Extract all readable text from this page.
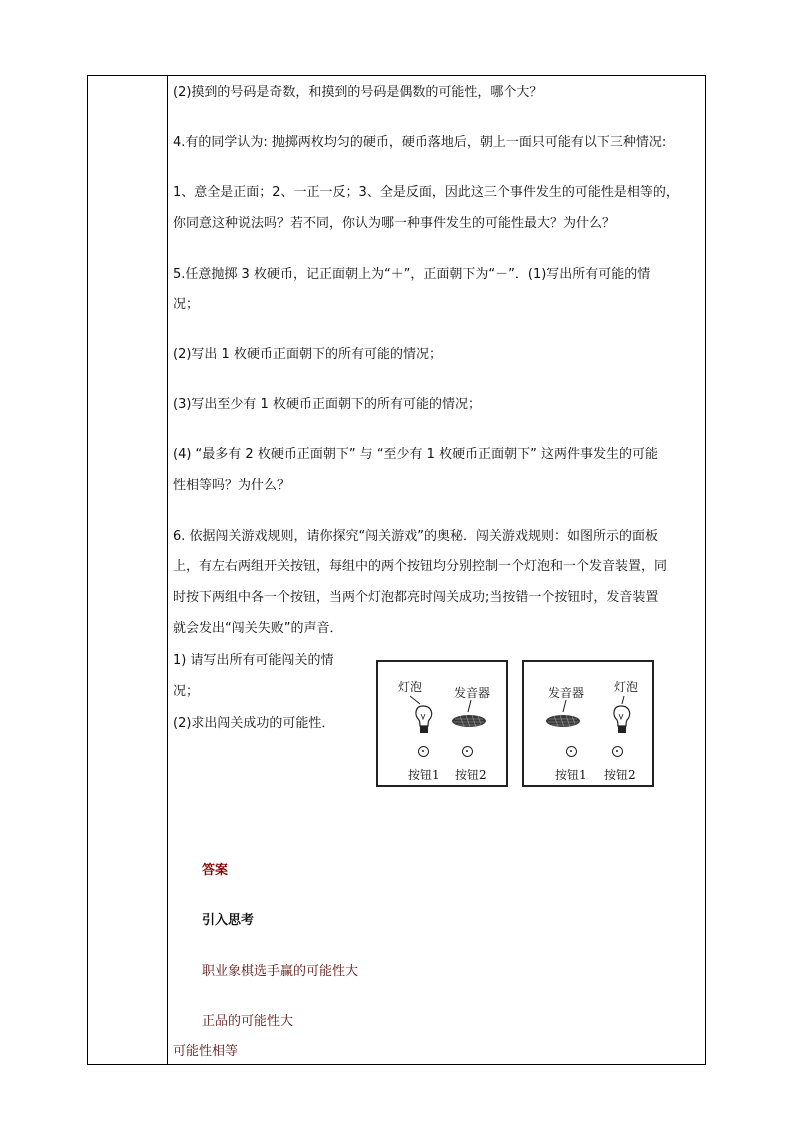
(2)摸到的号码是奇数，和摸到的号码是偶数的可能性，哪个大？
4.有的同学认为: 抛掷两枚均匀的硬币，硬币落地后，朝上一面只可能有以下三种情况:
1、意全是正面；2、一正一反；3、全是反面，因此这三个事件发生的可能性是相等的，
你同意这种说法吗？若不同，你认为哪一种事件发生的可能性最大？为什么？
5.任意抛掷 3 枚硬币，记正面朝上为“＋”，正面朝下为“－”．(1)写出所有可能的情
况；
(2)写出 1 枚硬币正面朝下的所有可能的情况；
(3)写出至少有 1 枚硬币正面朝下的所有可能的情况；
(4) “最多有 2 枚硬币正面朝下” 与 “至少有 1 枚硬币正面朝下” 这两件事发生的可能
性相等吗？为什么？
6. 依据闯关游戏规则，请你探究“闯关游戏”的奥秘．闯关游戏规则：如图所示的面板
上，有左右两组开关按钮，每组中的两个按钮均分别控制一个灯泡和一个发音装置，同
时按下两组中各一个按钮，当两个灯泡都亮时闯关成功;当按错一个按钮时，发音装置
就会发出“闯关失败”的声音．
1) 请写出所有可能闯关的情
况；
(2)求出闯关成功的可能性．
灯泡	发音器
按钮1 按钮2
发音器 灯泡
按钮1 按钮2
答案
引入思考
职业象棋选手赢的可能性大
正品的可能性大
可能性相等
